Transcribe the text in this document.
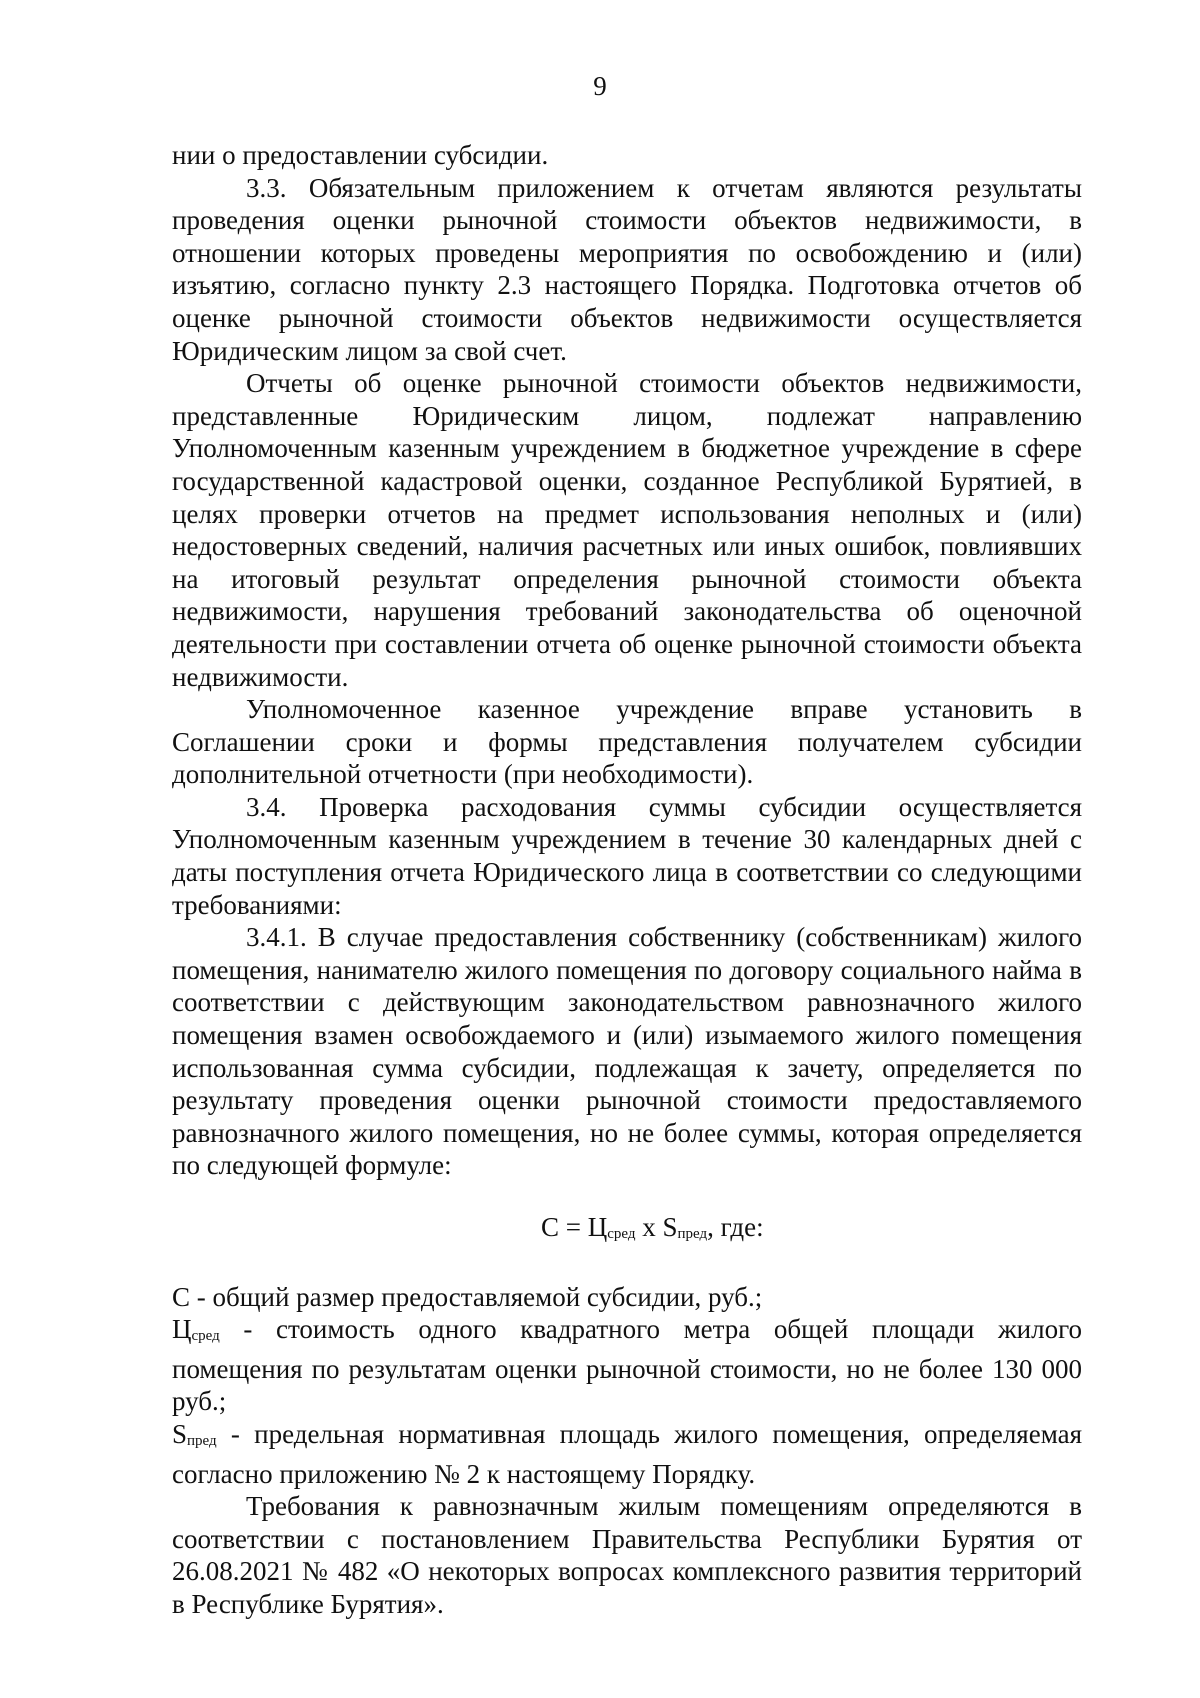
9

нии о предоставлении субсидии.

3.3. Обязательным приложением к отчетам являются результаты проведения оценки рыночной стоимости объектов недвижимости, в отношении которых проведены мероприятия по освобождению и (или) изъятию, согласно пункту 2.3 настоящего Порядка. Подготовка отчетов об оценке рыночной стоимости объектов недвижимости осуществляется Юридическим лицом за свой счет.

Отчеты об оценке рыночной стоимости объектов недвижимости, представленные Юридическим лицом, подлежат направлению Уполномоченным казенным учреждением в бюджетное учреждение в сфере государственной кадастровой оценки, созданное Республикой Бурятией, в целях проверки отчетов на предмет использования неполных и (или) недостоверных сведений, наличия расчетных или иных ошибок, повлиявших на итоговый результат определения рыночной стоимости объекта недвижимости, нарушения требований законодательства об оценочной деятельности при составлении отчета об оценке рыночной стоимости объекта недвижимости.

Уполномоченное казенное учреждение вправе установить в Соглашении сроки и формы представления получателем субсидии дополнительной отчетности (при необходимости).

3.4. Проверка расходования суммы субсидии осуществляется Уполномоченным казенным учреждением в течение 30 календарных дней с даты поступления отчета Юридического лица в соответствии со следующими требованиями:

3.4.1. В случае предоставления собственнику (собственникам) жилого помещения, нанимателю жилого помещения по договору социального найма в соответствии с действующим законодательством равнозначного жилого помещения взамен освобождаемого и (или) изымаемого жилого помещения использованная сумма субсидии, подлежащая к зачету, определяется по результату проведения оценки рыночной стоимости предоставляемого равнозначного жилого помещения, но не более суммы, которая определяется по следующей формуле:

С = Цсред х Sпред, где:

С - общий размер предоставляемой субсидии, руб.;

Цсред - стоимость одного квадратного метра общей площади жилого помещения по результатам оценки рыночной стоимости, но не более 130 000 руб.;

Sпред - предельная нормативная площадь жилого помещения, определяемая согласно приложению № 2 к настоящему Порядку.

Требования к равнозначным жилым помещениям определяются в соответствии с постановлением Правительства Республики Бурятия от 26.08.2021 № 482 «О некоторых вопросах комплексного развития территорий в Республике Бурятия».
